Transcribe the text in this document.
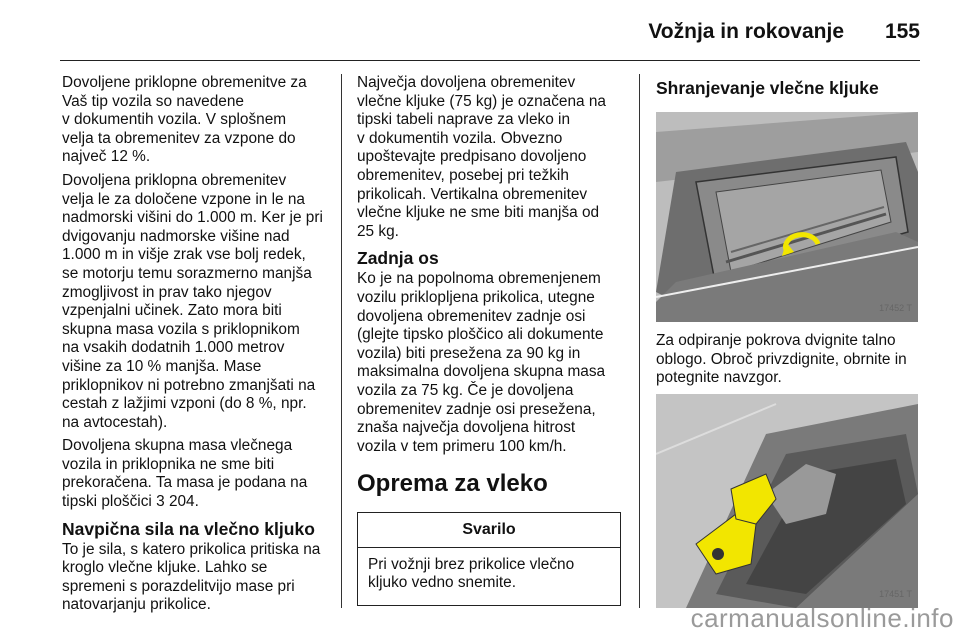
Vožnja in rokovanje 155

Dovoljene priklopne obremenitve za
Vaš tip vozila so navedene
v dokumentih vozila. V splošnem
velja ta obremenitev za vzpone do
največ 12 %.

Dovoljena priklopna obremenitev
velja le za določene vzpone in le na
nadmorski višini do 1.000 m. Ker je pri
dvigovanju nadmorske višine nad
1.000 m in višje zrak vse bolj redek,
se motorju temu sorazmerno manjša
zmogljivost in prav tako njegov
vzpenjalni učinek. Zato mora biti
skupna masa vozila s priklopnikom
na vsakih dodatnih 1.000 metrov
višine za 10 % manjša. Mase
priklopnikov ni potrebno zmanjšati na
cestah z lažjimi vzponi (do 8 %, npr.
na avtocestah).

Dovoljena skupna masa vlečnega
vozila in priklopnika ne sme biti
prekoračena. Ta masa je podana na
tipski ploščici 3 204.

Navpična sila na vlečno kljuko

To je sila, s katero prikolica pritiska na
kroglo vlečne kljuke. Lahko se
spremeni s porazdelitvijo mase pri
natovarjanju prikolice.

Največja dovoljena obremenitev
vlečne kljuke (75 kg) je označena na
tipski tabeli naprave za vleko in
v dokumentih vozila. Obvezno
upoštevajte predpisano dovoljeno
obremenitev, posebej pri težkih
prikolicah. Vertikalna obremenitev
vlečne kljuke ne sme biti manjša od
25 kg.

Zadnja os

Ko je na popolnoma obremenjenem
vozilu priklopljena prikolica, utegne
dovoljena obremenitev zadnje osi
(glejte tipsko ploščico ali dokumente
vozila) biti presežena za 90 kg in
maksimalna dovoljena skupna masa
vozila za 75 kg. Če je dovoljena
obremenitev zadnje osi presežena,
znaša največja dovoljena hitrost
vozila v tem primeru 100 km/h.

Oprema za vleko
Svarilo
Pri vožnji brez prikolice vlečno
kljuko vedno snemite.
Shranjevanje vlečne kljuke
17452 T

Za odpiranje pokrova dvignite talno
oblogo. Obroč privzdignite, obrnite in
potegnite navzgor.

17451 T
carmanualsonline.info
